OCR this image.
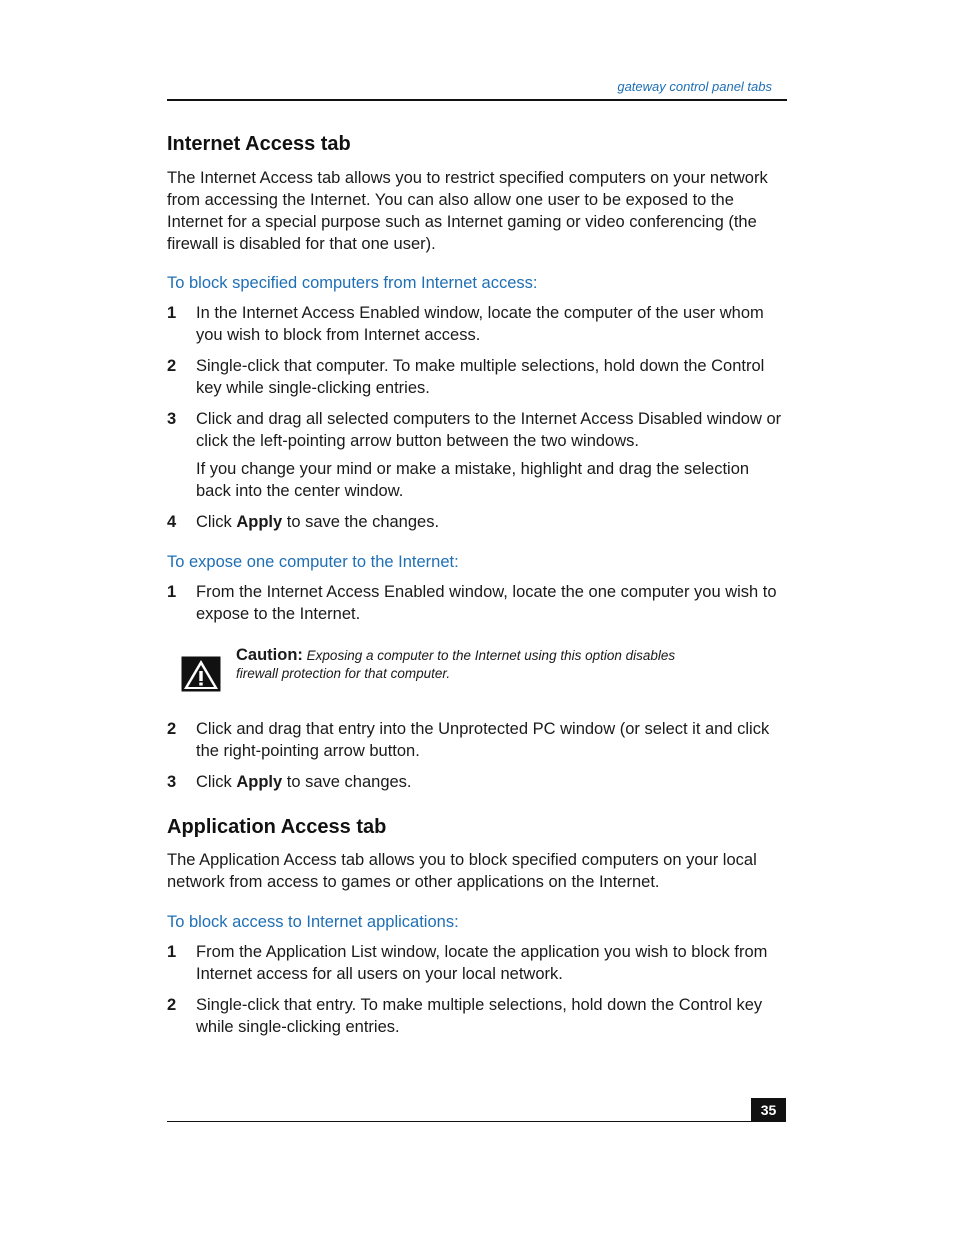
gateway control panel tabs
Internet Access tab

The Internet Access tab allows you to restrict specified computers on your network from accessing the Internet. You can also allow one user to be exposed to the Internet for a special purpose such as Internet gaming or video conferencing (the firewall is disabled for that one user).

To block specified computers from Internet access:
1 In the Internet Access Enabled window, locate the computer of the user whom you wish to block from Internet access.
2 Single-click that computer. To make multiple selections, hold down the Control key while single-clicking entries.
3 Click and drag all selected computers to the Internet Access Disabled window or click the left-pointing arrow button between the two windows.
If you change your mind or make a mistake, highlight and drag the selection back into the center window.
4 Click Apply to save the changes.
To expose one computer to the Internet:
1 From the Internet Access Enabled window, locate the one computer you wish to expose to the Internet.
Caution: Exposing a computer to the Internet using this option disables firewall protection for that computer.
2 Click and drag that entry into the Unprotected PC window (or select it and click the right-pointing arrow button.
3 Click Apply to save changes.
Application Access tab

The Application Access tab allows you to block specified computers on your local network from access to games or other applications on the Internet.

To block access to Internet applications:
1 From the Application List window, locate the application you wish to block from Internet access for all users on your local network.
2 Single-click that entry. To make multiple selections, hold down the Control key while single-clicking entries.
35
